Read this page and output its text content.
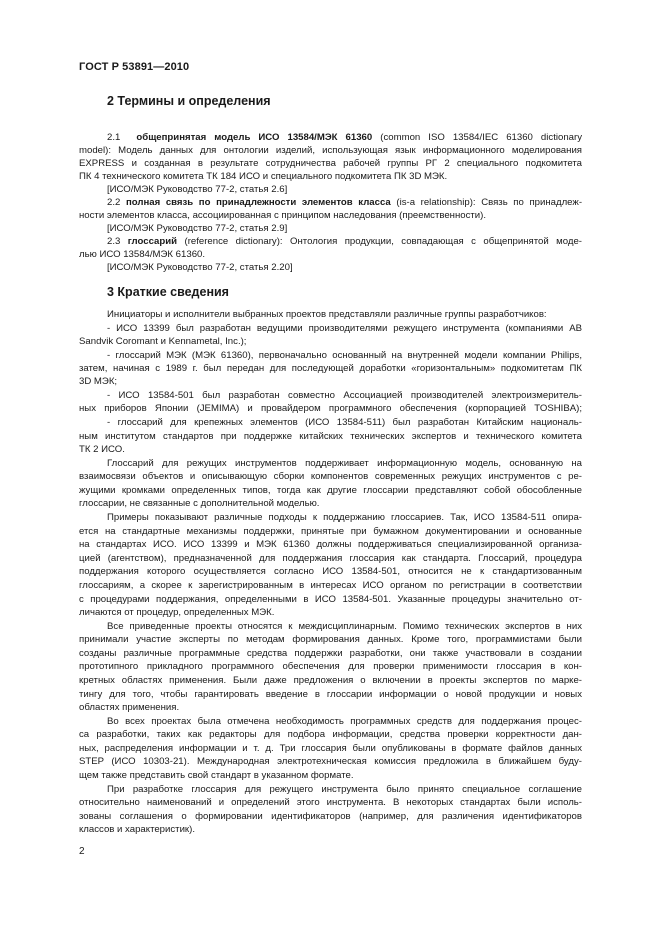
ГОСТ Р 53891—2010
2 Термины и определения
2.1 общепринятая модель ИСО 13584/МЭК 61360 (common ISO 13584/IEC 61360 dictionary
model): Модель данных для онтологии изделий, использующая язык информационного моделирования
EXPRESS и созданная в результате сотрудничества рабочей группы РГ 2 специального подкомитета
ПК 4 технического комитета ТК 184 ИСО и специального подкомитета ПК 3D МЭК.
[ИСО/МЭК Руководство 77-2, статья 2.6]
2.2 полная связь по принадлежности элементов класса (is-a relationship): Связь по принадлеж-
ности элементов класса, ассоциированная с принципом наследования (преемственности).
[ИСО/МЭК Руководство 77-2, статья 2.9]
2.3 глоссарий (reference dictionary): Онтология продукции, совпадающая с общепринятой моде-
лью ИСО 13584/МЭК 61360.
[ИСО/МЭК Руководство 77-2, статья 2.20]
3 Краткие сведения
Инициаторы и исполнители выбранных проектов представляли различные группы разработчиков:
- ИСО 13399 был разработан ведущими производителями режущего инструмента (компаниями АВ
Sandvik Coromant и Kennametal, Inc.);
- глоссарий МЭК (МЭК 61360), первоначально основанный на внутренней модели компании Philips,
затем, начиная с 1989 г. был передан для последующей доработки «горизонтальным» подкомитетам ПК
3D МЭК;
- ИСО 13584-501 был разработан совместно Ассоциацией производителей электроизмеритель-
ных приборов Японии (JEMIMA) и провайдером программного обеспечения (корпорацией TOSHIBA);
- глоссарий для крепежных элементов (ИСО 13584-511) был разработан Китайским националь-
ным институтом стандартов при поддержке китайских технических экспертов и технического комитета
ТК 2 ИСО.
Глоссарий для режущих инструментов поддерживает информационную модель, основанную на
взаимосвязи объектов и описывающую сборки компонентов современных режущих инструментов с ре-
жущими кромками определенных типов, тогда как другие глоссарии представляют собой обособленные
глоссарии, не связанные с дополнительной моделью.
Примеры показывают различные подходы к поддержанию глоссариев. Так, ИСО 13584-511 опира-
ется на стандартные механизмы поддержки, принятые при бумажном документировании и основанные
на стандартах ИСО. ИСО 13399 и МЭК 61360 должны поддерживаться специализированной организа-
цией (агентством), предназначенной для поддержания глоссария как стандарта. Глоссарий, процедура
поддержания которого осуществляется согласно ИСО 13584-501, относится не к стандартизованным
глоссариям, а скорее к зарегистрированным в интересах ИСО органом по регистрации в соответствии
с процедурами поддержания, определенными в ИСО 13584-501. Указанные процедуры значительно от-
личаются от процедур, определенных МЭК.
Все приведенные проекты относятся к междисциплинарным. Помимо технических экспертов в них
принимали участие эксперты по методам формирования данных. Кроме того, программистами были
созданы различные программные средства поддержки разработки, они также участвовали в создании
прототипного прикладного программного обеспечения для проверки применимости глоссария в кон-
кретных областях применения. Были даже предложения о включении в проекты экспертов по марке-
тингу для того, чтобы гарантировать введение в глоссарии информации о новой продукции и новых
областях применения.
Во всех проектах была отмечена необходимость программных средств для поддержания процес-
са разработки, таких как редакторы для подбора информации, средства проверки корректности дан-
ных, распределения информации и т. д. Три глоссария были опубликованы в формате файлов данных
STEP (ИСО 10303-21). Международная электротехническая комиссия предложила в ближайшем буду-
щем также представить свой стандарт в указанном формате.
При разработке глоссария для режущего инструмента было принято специальное соглашение
относительно наименований и определений этого инструмента. В некоторых стандартах были исполь-
зованы соглашения о формировании идентификаторов (например, для различения идентификаторов
классов и характеристик).
2
